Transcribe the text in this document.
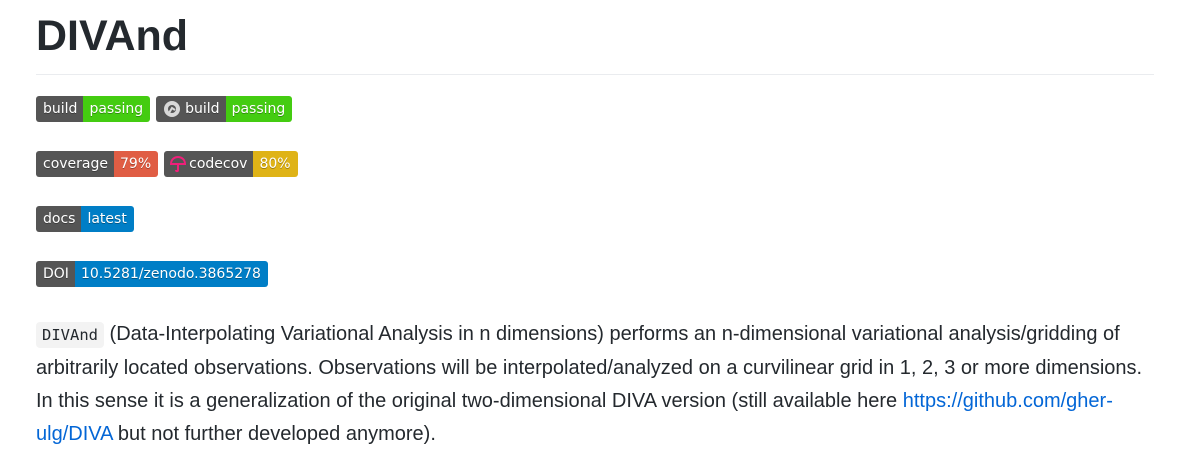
DIVAnd
build passing	build passing
coverage 79%	codecov 80%
docs latest
DOI 10.5281/zenodo.3865278

DIVAnd (Data-Interpolating Variational Analysis in n dimensions) performs an n-dimensional variational analysis/gridding of arbitrarily located observations. Observations will be interpolated/analyzed on a curvilinear grid in 1, 2, 3 or more dimensions. In this sense it is a generalization of the original two-dimensional DIVA version (still available here https://github.com/gher-ulg/DIVA but not further developed anymore).
